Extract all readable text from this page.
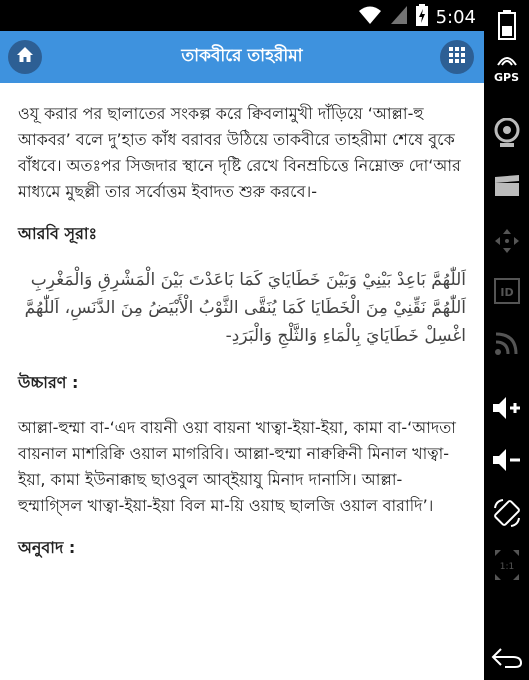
5:04
তাকবীরে তাহরীমা

ওযূ করার পর ছালাতের সংকল্প করে ক্বিবলামুখী দাঁড়িয়ে ‘আল্লা-হু আকবর’ বলে দু’হাত কাঁধ বরাবর উঠিয়ে তাকবীরে তাহরীমা শেষে বুকে বাঁধবে। অতঃপর সিজদার স্থানে দৃষ্টি রেখে বিনম্রচিত্তে নিম্নোক্ত দো‘আর মাধ্যমে মুছল্লী তার সর্বোত্তম ইবাদত শুরু করবে।-

আরবি সূরাঃ

اَللّٰهُمَّ بَاعِدْ بَيْنِيْ وَبَيْنَ خَطَايَايَ كَمَا بَاعَدْتَ بَيْنَ الْمَشْرِقِ وَالْمَغْرِبِ اَللّٰهُمَّ نَقِّنِيْ مِنَ الْخَطَايَا كَمَا يُنَقَّى الثَّوْبُ الْأَبْيَضُ مِنَ الدَّنَسِ، اَللّٰهُمَّ اغْسِلْ خَطَايَايَ بِالْمَاءِ وَالثَّلْجِ وَالْبَرَدِ-

উচ্চারণ :

আল্লা-হুম্মা বা-‘এদ বায়নী ওয়া বায়না খাত্বা-ইয়া-ইয়া, কামা বা-‘আদতা বায়নাল মাশরিক্বি ওয়াল মাগরিবি। আল্লা-হুম্মা নাক্বক্বিনী মিনাল খাত্বা-ইয়া, কামা ইউনাক্কাছ ছাওবুল আব্ইয়াযু মিনাদ দানাসি। আল্লা-হুম্মাগ্সিল খাত্বা-ইয়া-ইয়া বিল মা-য়ি ওয়াছ ছালজি ওয়াল বারাদি’।

অনুবাদ :

GPS
ID
1:1
